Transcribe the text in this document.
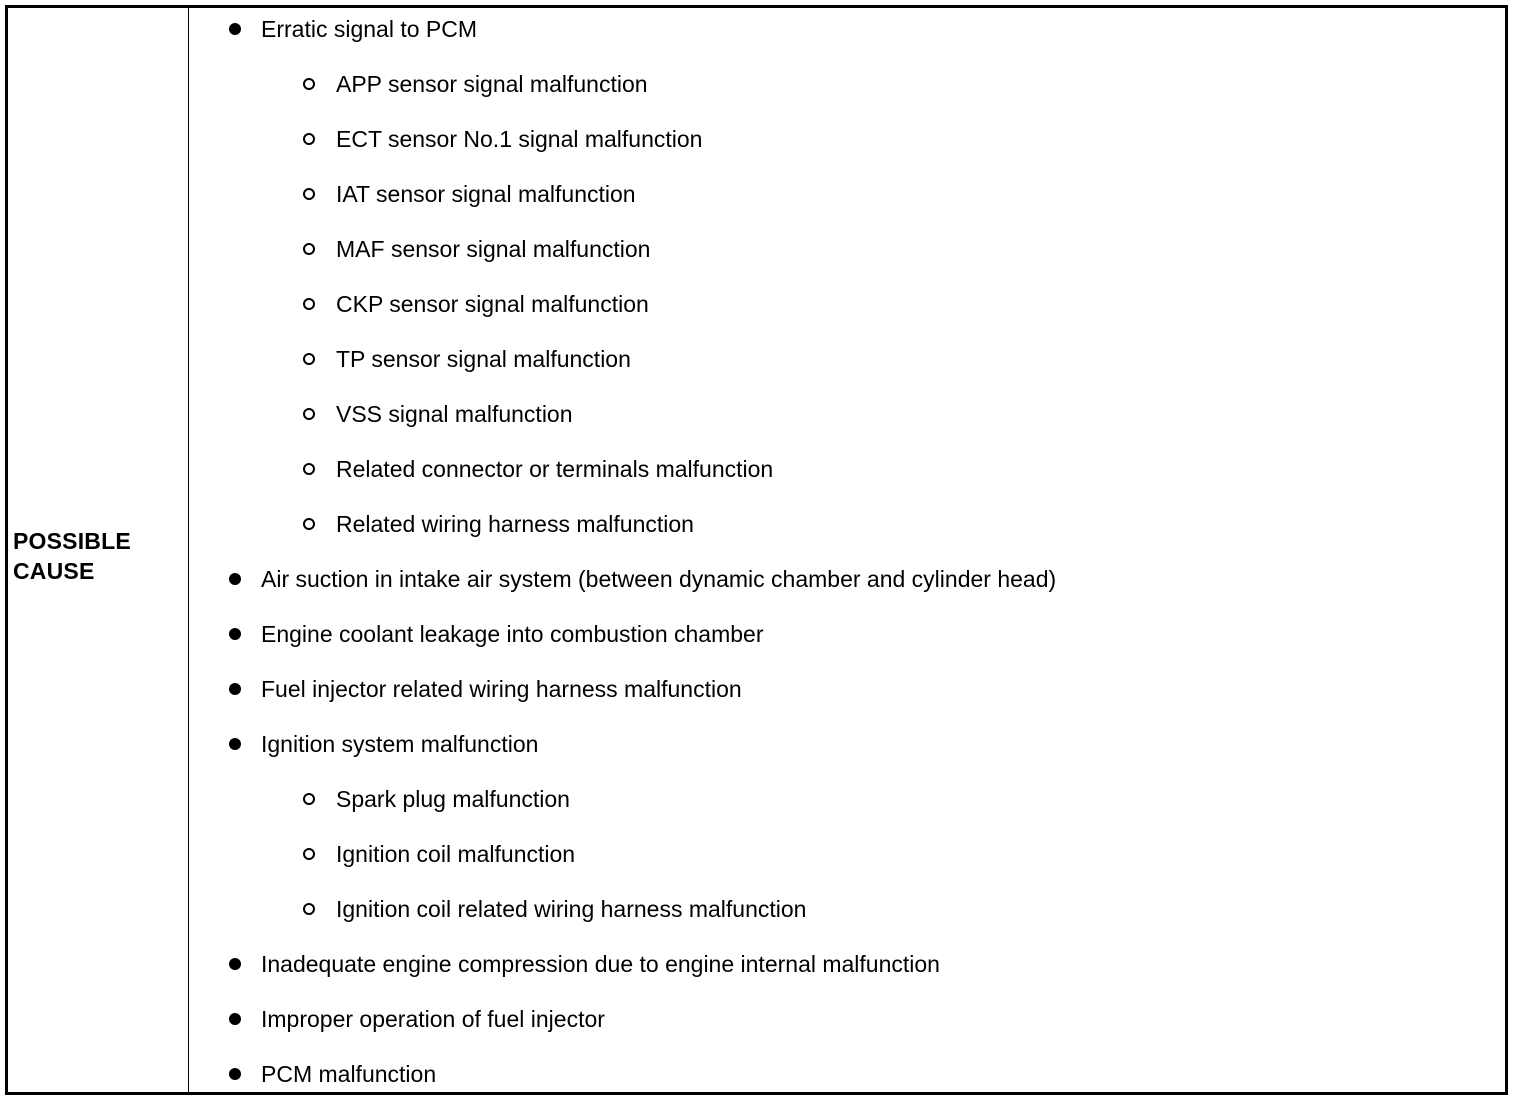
POSSIBLE
CAUSE
Erratic signal to PCM
APP sensor signal malfunction
ECT sensor No.1 signal malfunction
IAT sensor signal malfunction
MAF sensor signal malfunction
CKP sensor signal malfunction
TP sensor signal malfunction
VSS signal malfunction
Related connector or terminals malfunction
Related wiring harness malfunction
Air suction in intake air system (between dynamic chamber and cylinder head)
Engine coolant leakage into combustion chamber
Fuel injector related wiring harness malfunction
Ignition system malfunction
Spark plug malfunction
Ignition coil malfunction
Ignition coil related wiring harness malfunction
Inadequate engine compression due to engine internal malfunction
Improper operation of fuel injector
PCM malfunction
